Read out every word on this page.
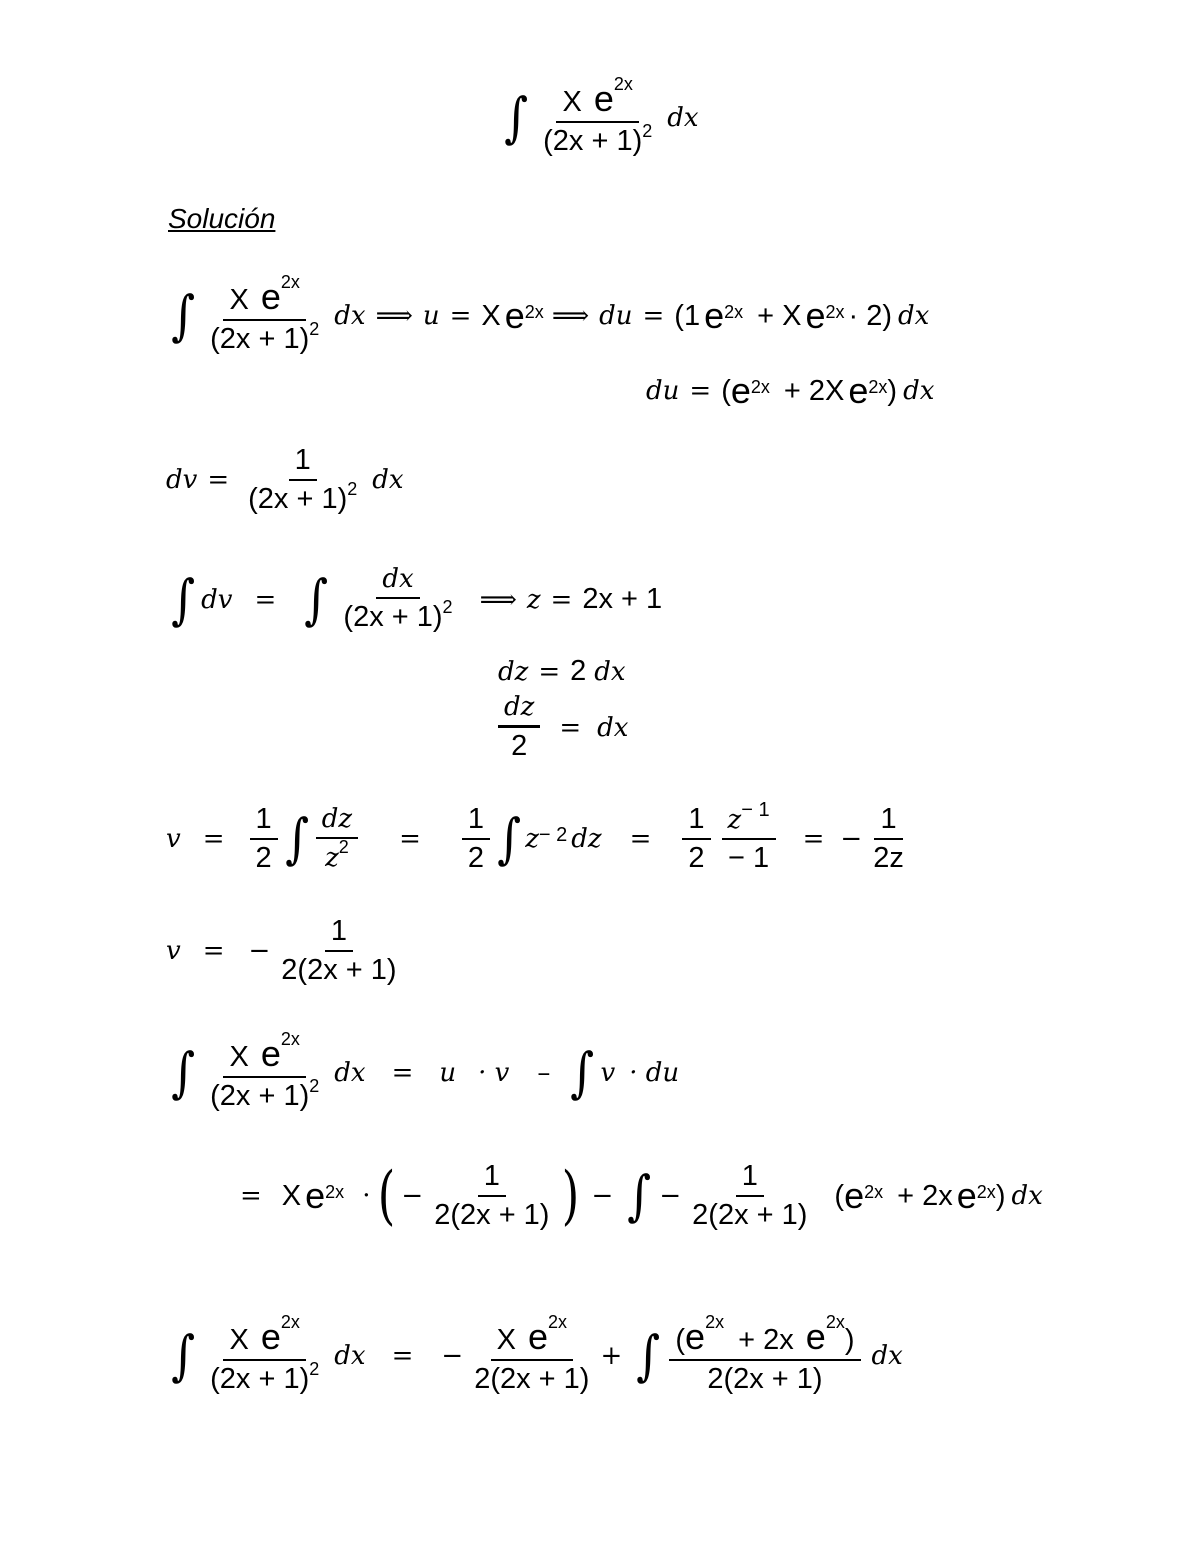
∫ $\frac{X e^{2x}}{(2x + 1)^2}$ dx
Solución
∫ $\frac{X e^{2x}}{(2x + 1)^2}$ dx ⟹ u = X $e^{2x}$ ⟹ du = (1 $e^{2x} + X$ $e^{2x} \cdot 2$) dx
du = ( $e^{2x} + 2X$ $e^{2x}$ ) dx
dv = $\frac{1}{(2x + 1)^2}$ dx
∫ dv = ∫ $\frac{dx}{(2x + 1)^2}$ ⟹ z = 2x + 1
dz = 2 dx
$\frac{dz}{2}$ = dx
$v = \frac{1}{2}$ ∫ $\frac{dz}{z^2} = \frac{1}{2}$ ∫ $z^{- 2}$ dz = $\frac{1}{2} \frac{z^{- 1}}{- 1}$ = − $\frac{1}{2z}$
v = − $\frac{1}{2(2x + 1)}$
∫ $\frac{X e^{2x}}{(2x + 1)^2}$ dx = u · v – ∫ v · du
= X $e^{2x}$ · ( − $\frac{1}{2(2x + 1)}$ ) − ∫ − $\frac{1}{2(2x + 1)}$ ( $e^{2x} + 2x$ $e^{2x}$ ) dx
∫ $\frac{X e^{2x}}{(2x + 1)^2}$ dx = − $\frac{X e^{2x}}{2(2x + 1)}$ + ∫ $\frac{(e^{2x}+ 2x e^{2x})}{2(2x + 1)}$ dx
